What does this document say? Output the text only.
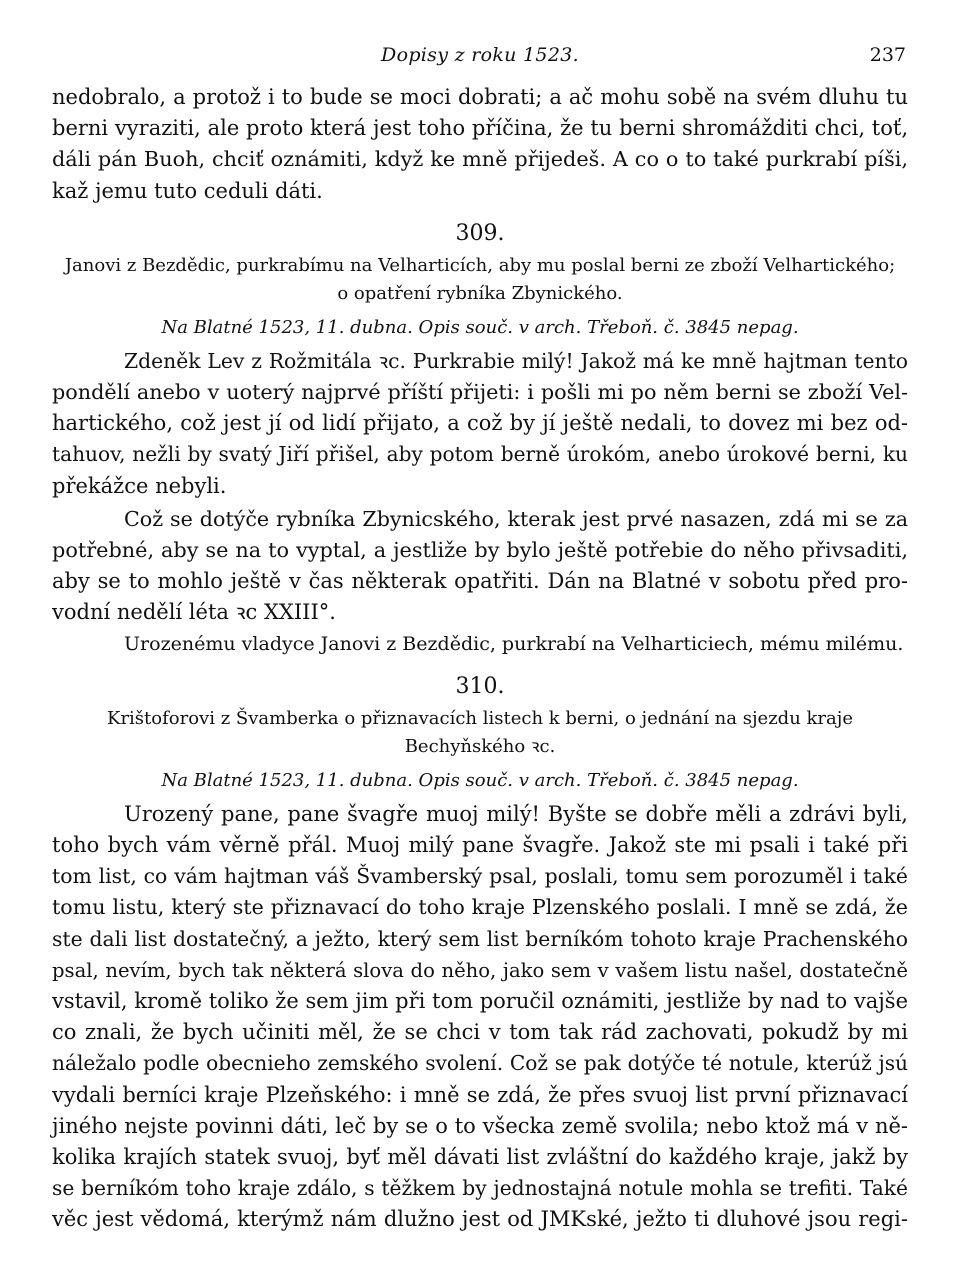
Dopisy z roku 1523.	237
nedobralo, a protož i to bude se moci dobrati; a ač mohu sobě na svém dluhu tu
berni vyraziti, ale proto která jest toho příčina, že tu berni shromážditi chci, toť,
dáli pán Buoh, chciť oznámiti, když ke mně přijedeš. A co o to také purkrabí píši,
kaž jemu tuto ceduli dáti.
309.
Janovi z Bezdědic, purkrabímu na Velharticích, aby mu poslal berni ze zboží Velhartického;
o opatření rybníka Zbynického.
Na Blatné 1523, 11. dubna. Opis souč. v arch. Třeboň. č. 3845 nepag.
Zdeněk Lev z Rožmitála ꝛc. Purkrabie milý! Jakož má ke mně hajtman tento
pondělí anebo v uoterý najprvé příští přijeti: i pošli mi po něm berni se zboží Vel-
hartického, což jest jí od lidí přijato, a což by jí ještě nedali, to dovez mi bez od-
tahuov, nežli by svatý Jiří přišel, aby potom berně úrokóm, anebo úrokové berni, ku
překážce nebyli.
Což se dotýče rybníka Zbynicského, kterak jest prvé nasazen, zdá mi se za
potřebné, aby se na to vyptal, a jestliže by bylo ještě potřebie do něho přivsaditi,
aby se to mohlo ještě v čas některak opatřiti. Dán na Blatné v sobotu před pro-
vodní nedělí léta ꝛc XXIII°.
Urozenému vladyce Janovi z Bezdědic, purkrabí na Velharticiech, mému milému.
310.
Krištoforovi z Švamberka o přiznavacích listech k berni, o jednání na sjezdu kraje
Bechyňského ꝛc.
Na Blatné 1523, 11. dubna. Opis souč. v arch. Třeboň. č. 3845 nepag.
Urozený pane, pane švagře muoj milý! Byšte se dobře měli a zdrávi byli,
toho bych vám věrně přál. Muoj milý pane švagře. Jakož ste mi psali i také při
tom list, co vám hajtman váš Švamberský psal, poslali, tomu sem porozuměl i také
tomu listu, který ste přiznavací do toho kraje Plzenského poslali. I mně se zdá, že
ste dali list dostatečný, a ježto, který sem list berníkóm tohoto kraje Prachenského
psal, nevím, bych tak některá slova do něho, jako sem v vašem listu našel, dostatečně
vstavil, kromě toliko že sem jim při tom poručil oznámiti, jestliže by nad to vajše
co znali, že bych učiniti měl, že se chci v tom tak rád zachovati, pokudž by mi
náležalo podle obecnieho zemského svolení. Což se pak dotýče té notule, kterúž jsú
vydali berníci kraje Plzeňského: i mně se zdá, že přes svuoj list první přiznavací
jiného nejste povinni dáti, leč by se o to všecka země svolila; nebo ktož má v ně-
kolika krajích statek svuoj, byť měl dávati list zvláštní do každého kraje, jakž by
se berníkóm toho kraje zdálo, s těžkem by jednostajná notule mohla se trefiti. Také
věc jest vědomá, kterýmž nám dlužno jest od JMKské, ježto ti dluhové jsou regi-
